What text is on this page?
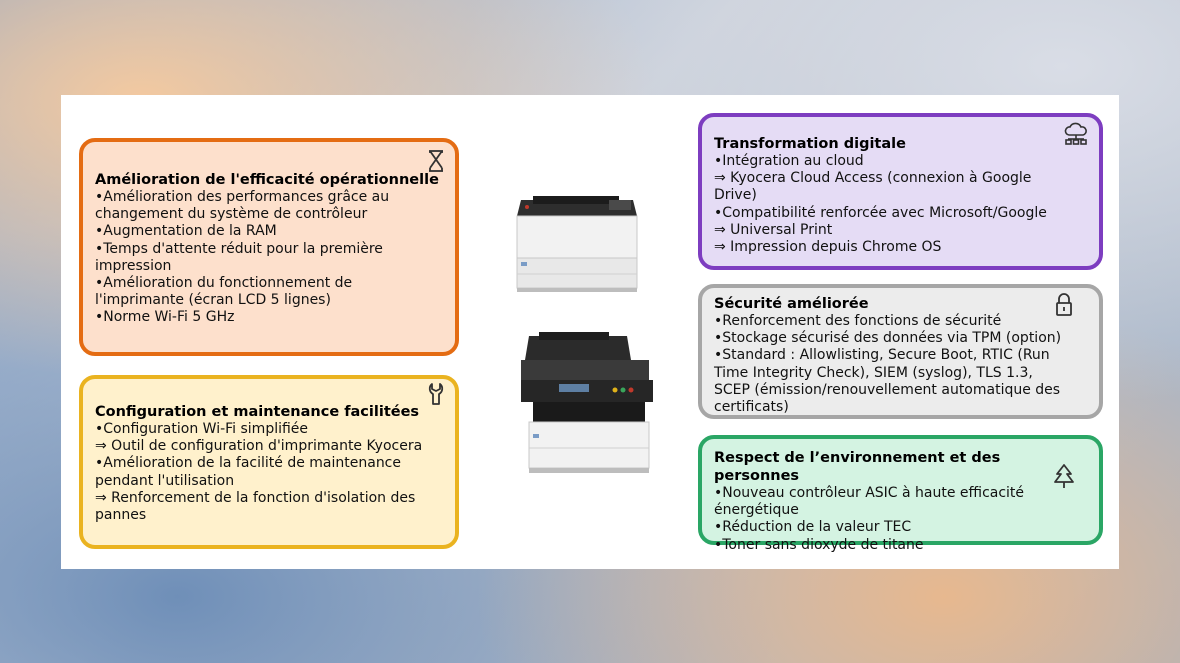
Amélioration de l'efficacité opérationnelle

•Amélioration des performances grâce au

changement du système de contrôleur

•Augmentation de la RAM

•Temps d'attente réduit pour la première

impression

•Amélioration du fonctionnement de

l'imprimante (écran LCD 5 lignes)

•Norme Wi-Fi 5 GHz

Configuration et maintenance facilitées

•Configuration Wi-Fi simplifiée

⇒ Outil de configuration d'imprimante Kyocera

•Amélioration de la facilité de maintenance

pendant l'utilisation

⇒ Renforcement de la fonction d'isolation des

pannes

Transformation digitale

•Intégration au cloud

⇒ Kyocera Cloud Access (connexion à Google

Drive)

•Compatibilité renforcée avec Microsoft/Google

⇒ Universal Print

⇒ Impression depuis Chrome OS

Sécurité améliorée

•Renforcement des fonctions de sécurité

•Stockage sécurisé des données via TPM (option)

•Standard : Allowlisting, Secure Boot, RTIC (Run

Time Integrity Check), SIEM (syslog), TLS 1.3,

SCEP (émission/renouvellement automatique des

certificats)

Respect de l’environnement et des personnes

•Nouveau contrôleur ASIC à haute efficacité

énergétique

•Réduction de la valeur TEC

•Toner sans dioxyde de titane
